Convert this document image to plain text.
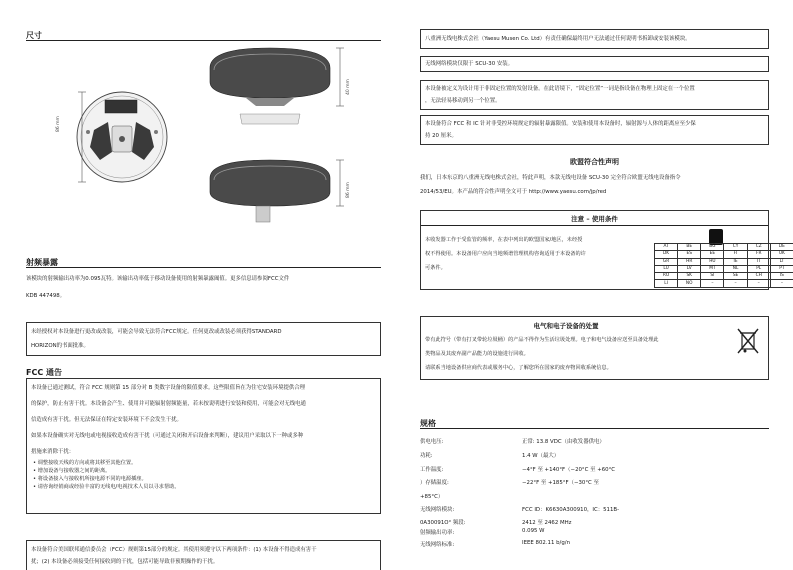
尺寸
86 mm
40 mm
86 mm
射频暴露
该模块的射频输出功率为0.095瓦特。该输出功率低于移动设备使用的射频暴露阈值。更多信息请参阅FCC文件
KDB 447498。
未经授权对本设备进行更改或改装，可能会导致无法符合FCC规定。任何更改或改装必须获得STANDARD
HORIZON的书面批准。
FCC 通告
本设备已通过测试，符合 FCC 规则第 15 部分对 B 类数字设备的限值要求。这些限值旨在为住宅安装环境提供合理
的保护，防止有害干扰。本设备会产生、使用并可能辐射射频能量，若未按说明进行安装和使用，可能会对无线电通
信造成有害干扰。但无法保证在特定安装环境下不会发生干扰。
如果本设备确实对无线电或电视接收造成有害干扰（可通过关闭和开启设备来判断），建议用户采取以下一种或多种
措施来消除干扰：
• 调整接收天线的方向或将其移至其他位置。
• 增加设备与接收器之间的距离。
• 将设备接入与接收机所接电源不同的电源插座。
• 请咨询经销商或经验丰富的无线电/电视技术人员以寻求帮助。
本设备符合美国联邦通信委员会（FCC）规则第15部分的规定。其使用须遵守以下两项条件：(1) 本设备不得造成有害干
扰；(2) 本设备必须接受任何接收到的干扰，包括可能导致非预期操作的干扰。
八重洲无线电株式会社（Yaesu Musen Co. Ltd）有责任确保最终用户无法通过任何说明书拆卸或安装该模块。
无线网络模块仅限于 SCU-30 安装。
本设备被定义为设计用于非固定位置的发射设备。在此语境下，“固定位置”一词是指设备在物理上固定在一个位置
，无法轻易移动到另一个位置。
本设备符合 FCC 和 IC 针对非受控环境规定的辐射暴露限值。安装和使用本设备时，辐射源与人体的距离应至少保
持 20 厘米。
欧盟符合性声明
我们，日本东京的八重洲无线电株式会社，特此声明，本款无线电设备 SCU-30 完全符合欧盟无线电设备指令
2014/53/EU。本产品的符合性声明全文可于 http://www.yaesu.com/jp/red
注意 – 使用条件
本收发器工作于受监管的频率，在表中列出的欧盟国家/地区，未经授
权不得使用。本设备用户应向当地频谱管理机构咨询适用于本设备的许
可条件。
AT	BE	BG	CY	CZ	DE
DK	ES	EE	FI	FR	UK
GR	HR	HU	IE	IT	LT
LU	LV	MT	NL	PL	PT
RO	SK	SI	SE	CH	IS
LI	NO	–	–	–	–
电气和电子设备的处置
带有此符号（带有打叉带轮垃圾桶）的产品不得作为生活垃圾处理。电子和电气设备应送至具备处理此
类物品及其废弃副产品能力的设施进行回收。
请联系当地设备供应商代表或服务中心，了解您所在国家的废弃物回收系统信息。
规格
供电电压:	正常: 13.8 VDC（由收发器供电）
功耗:	1.4 W（最大）
工作温度:	−4°F 至 +140°F（−20°C 至 +60°C
）存储温度:	−22°F 至 +185°F（−30°C 至
+85°C）
无线网络模块:	FCC ID：K6630A300910，IC：511B-
0A30091O° 频段:	2412 至 2462 MHz
射频输出功率:	0.095 W
无线网络标准:	IEEE 802.11 b/g/n
